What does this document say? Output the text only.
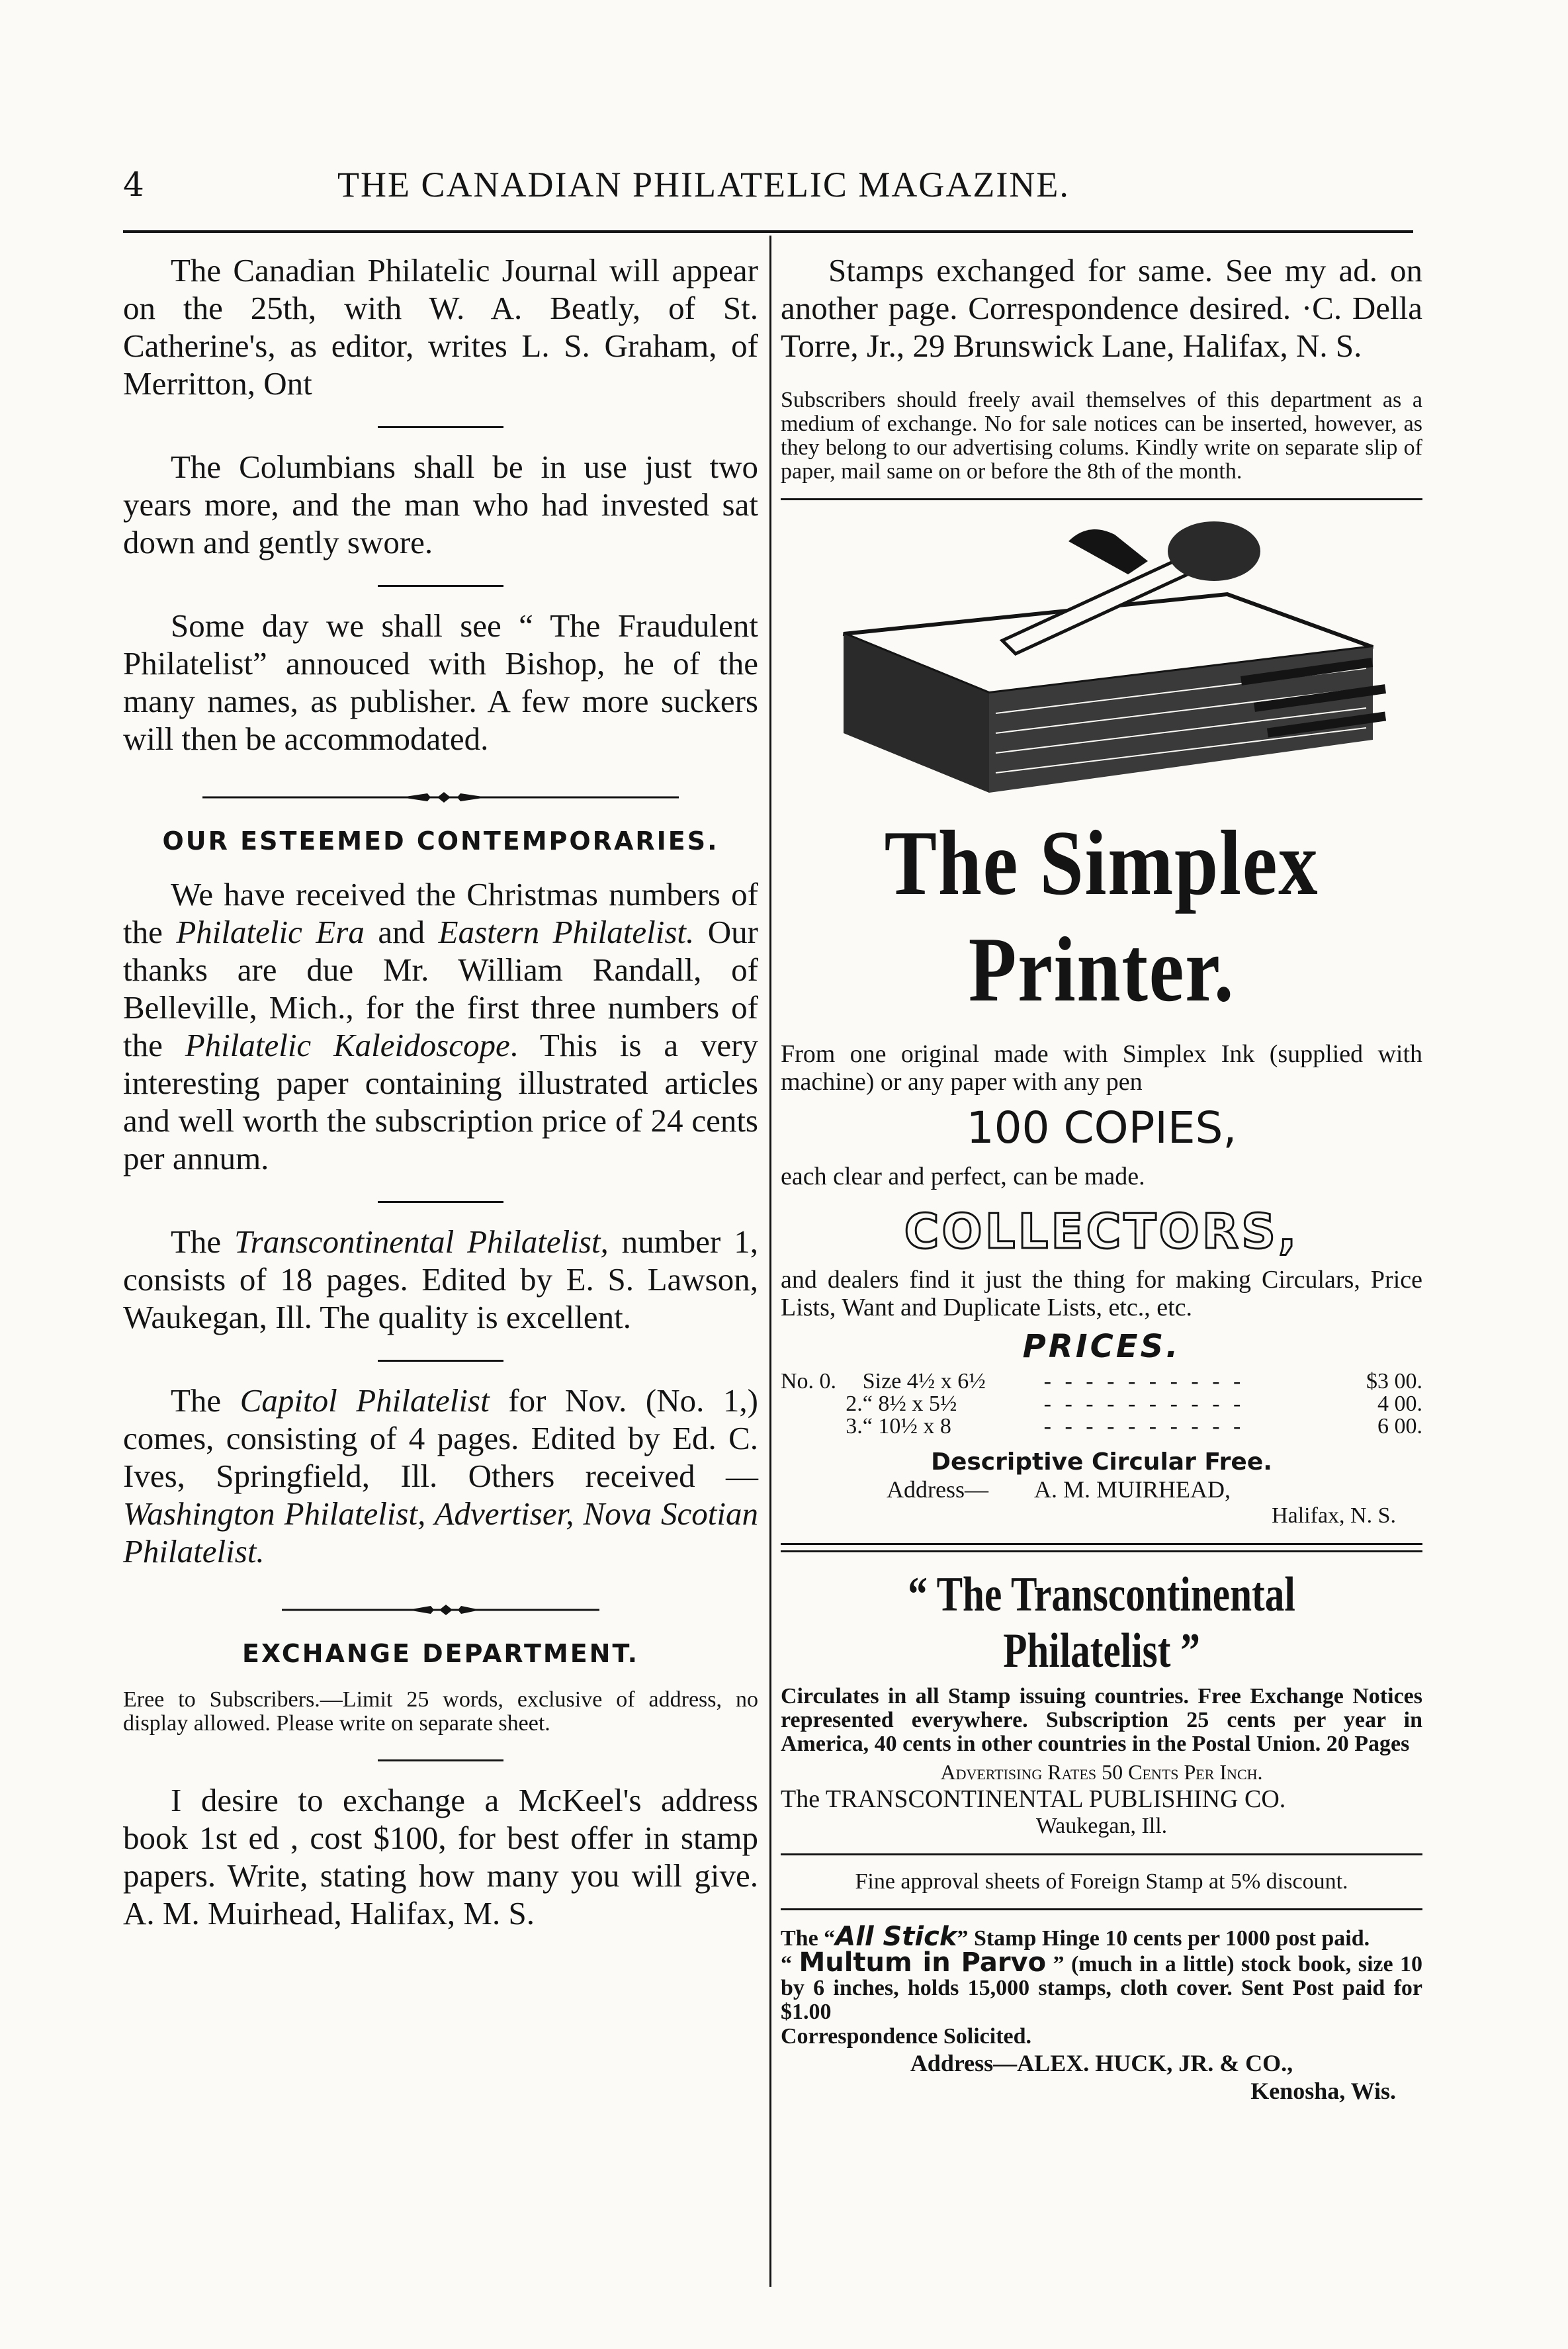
4	THE CANADIAN PHILATELIC MAGAZINE.

The Canadian Philatelic Journal will appear on the 25th, with W. A. Beatly, of St. Catherine's, as editor, writes L. S. Graham, of Merritton, Ont

The Columbians shall be in use just two years more, and the man who had invested sat down and gently swore.

Some day we shall see “ The Fraudulent Philatelist” annouced with Bishop, he of the many names, as publisher. A few more suckers will then be accommodated.

OUR ESTEEMED CONTEMPORARIES.

We have received the Christmas numbers of the Philatelic Era and Eastern Philatelist. Our thanks are due Mr. William Randall, of Belleville, Mich., for the first three numbers of the Philatelic Kaleidoscope. This is a very interesting paper containing illustrated articles and well worth the subscription price of 24 cents per annum.

The Transcontinental Philatelist, number 1, consists of 18 pages. Edited by E. S. Lawson, Waukegan, Ill. The quality is excellent.

The Capitol Philatelist for Nov. (No. 1,) comes, consisting of 4 pages. Edited by Ed. C. Ives, Springfield, Ill. Others received — Washington Philatelist, Advertiser, Nova Scotian Philatelist.

EXCHANGE DEPARTMENT.

Eree to Subscribers.—Limit 25 words, exclusive of address, no display allowed. Please write on separate sheet.

I desire to exchange a McKeel's address book 1st ed , cost $100, for best offer in stamp papers. Write, stating how many you will give. A. M. Muirhead, Halifax, M. S.

Stamps exchanged for same. See my ad. on another page. Correspondence desired. ·C. Della Torre, Jr., 29 Brunswick Lane, Halifax, N. S.

Subscribers should freely avail themselves of this department as a medium of exchange. No for sale notices can be inserted, however, as they belong to our advertising colums. Kindly write on separate slip of paper, mail same on or before the 8th of the month.

The Simplex Printer.

From one original made with Simplex Ink (supplied with machine) or any paper with any pen

100 COPIES,

each clear and perfect, can be made.

COLLECTORS,

and dealers find it just the thing for making Circulars, Price Lists, Want and Duplicate Lists, etc., etc.

PRICES.
No. 0.	Size 4½ x 6½	- - - - - - - - - -	$3 00.
2.	“ 8½ x 5½	- - - - - - - - - -	4 00.
3.	“ 10½ x 8	- - - - - - - - - -	6 00.
Descriptive Circular Free.
Address— A. M. MUIRHEAD,
Halifax, N. S.
“ The Transcontinental Philatelist ”

Circulates in all Stamp issuing countries. Free Exchange Notices represented everywhere. Subscription 25 cents per year in America, 40 cents in other countries in the Postal Union. 20 Pages

Advertising Rates 50 Cents Per Inch.
The TRANSCONTINENTAL PUBLISHING CO.
Waukegan, Ill.

Fine approval sheets of Foreign Stamp at 5% discount.

The “All Stick” Stamp Hinge 10 cents per 1000 post paid.

“ Multum in Parvo ” (much in a little) stock book, size 10 by 6 inches, holds 15,000 stamps, cloth cover. Sent Post paid for $1.00

Correspondence Solicited.
Address—ALEX. HUCK, JR. & CO.,
Kenosha, Wis.
